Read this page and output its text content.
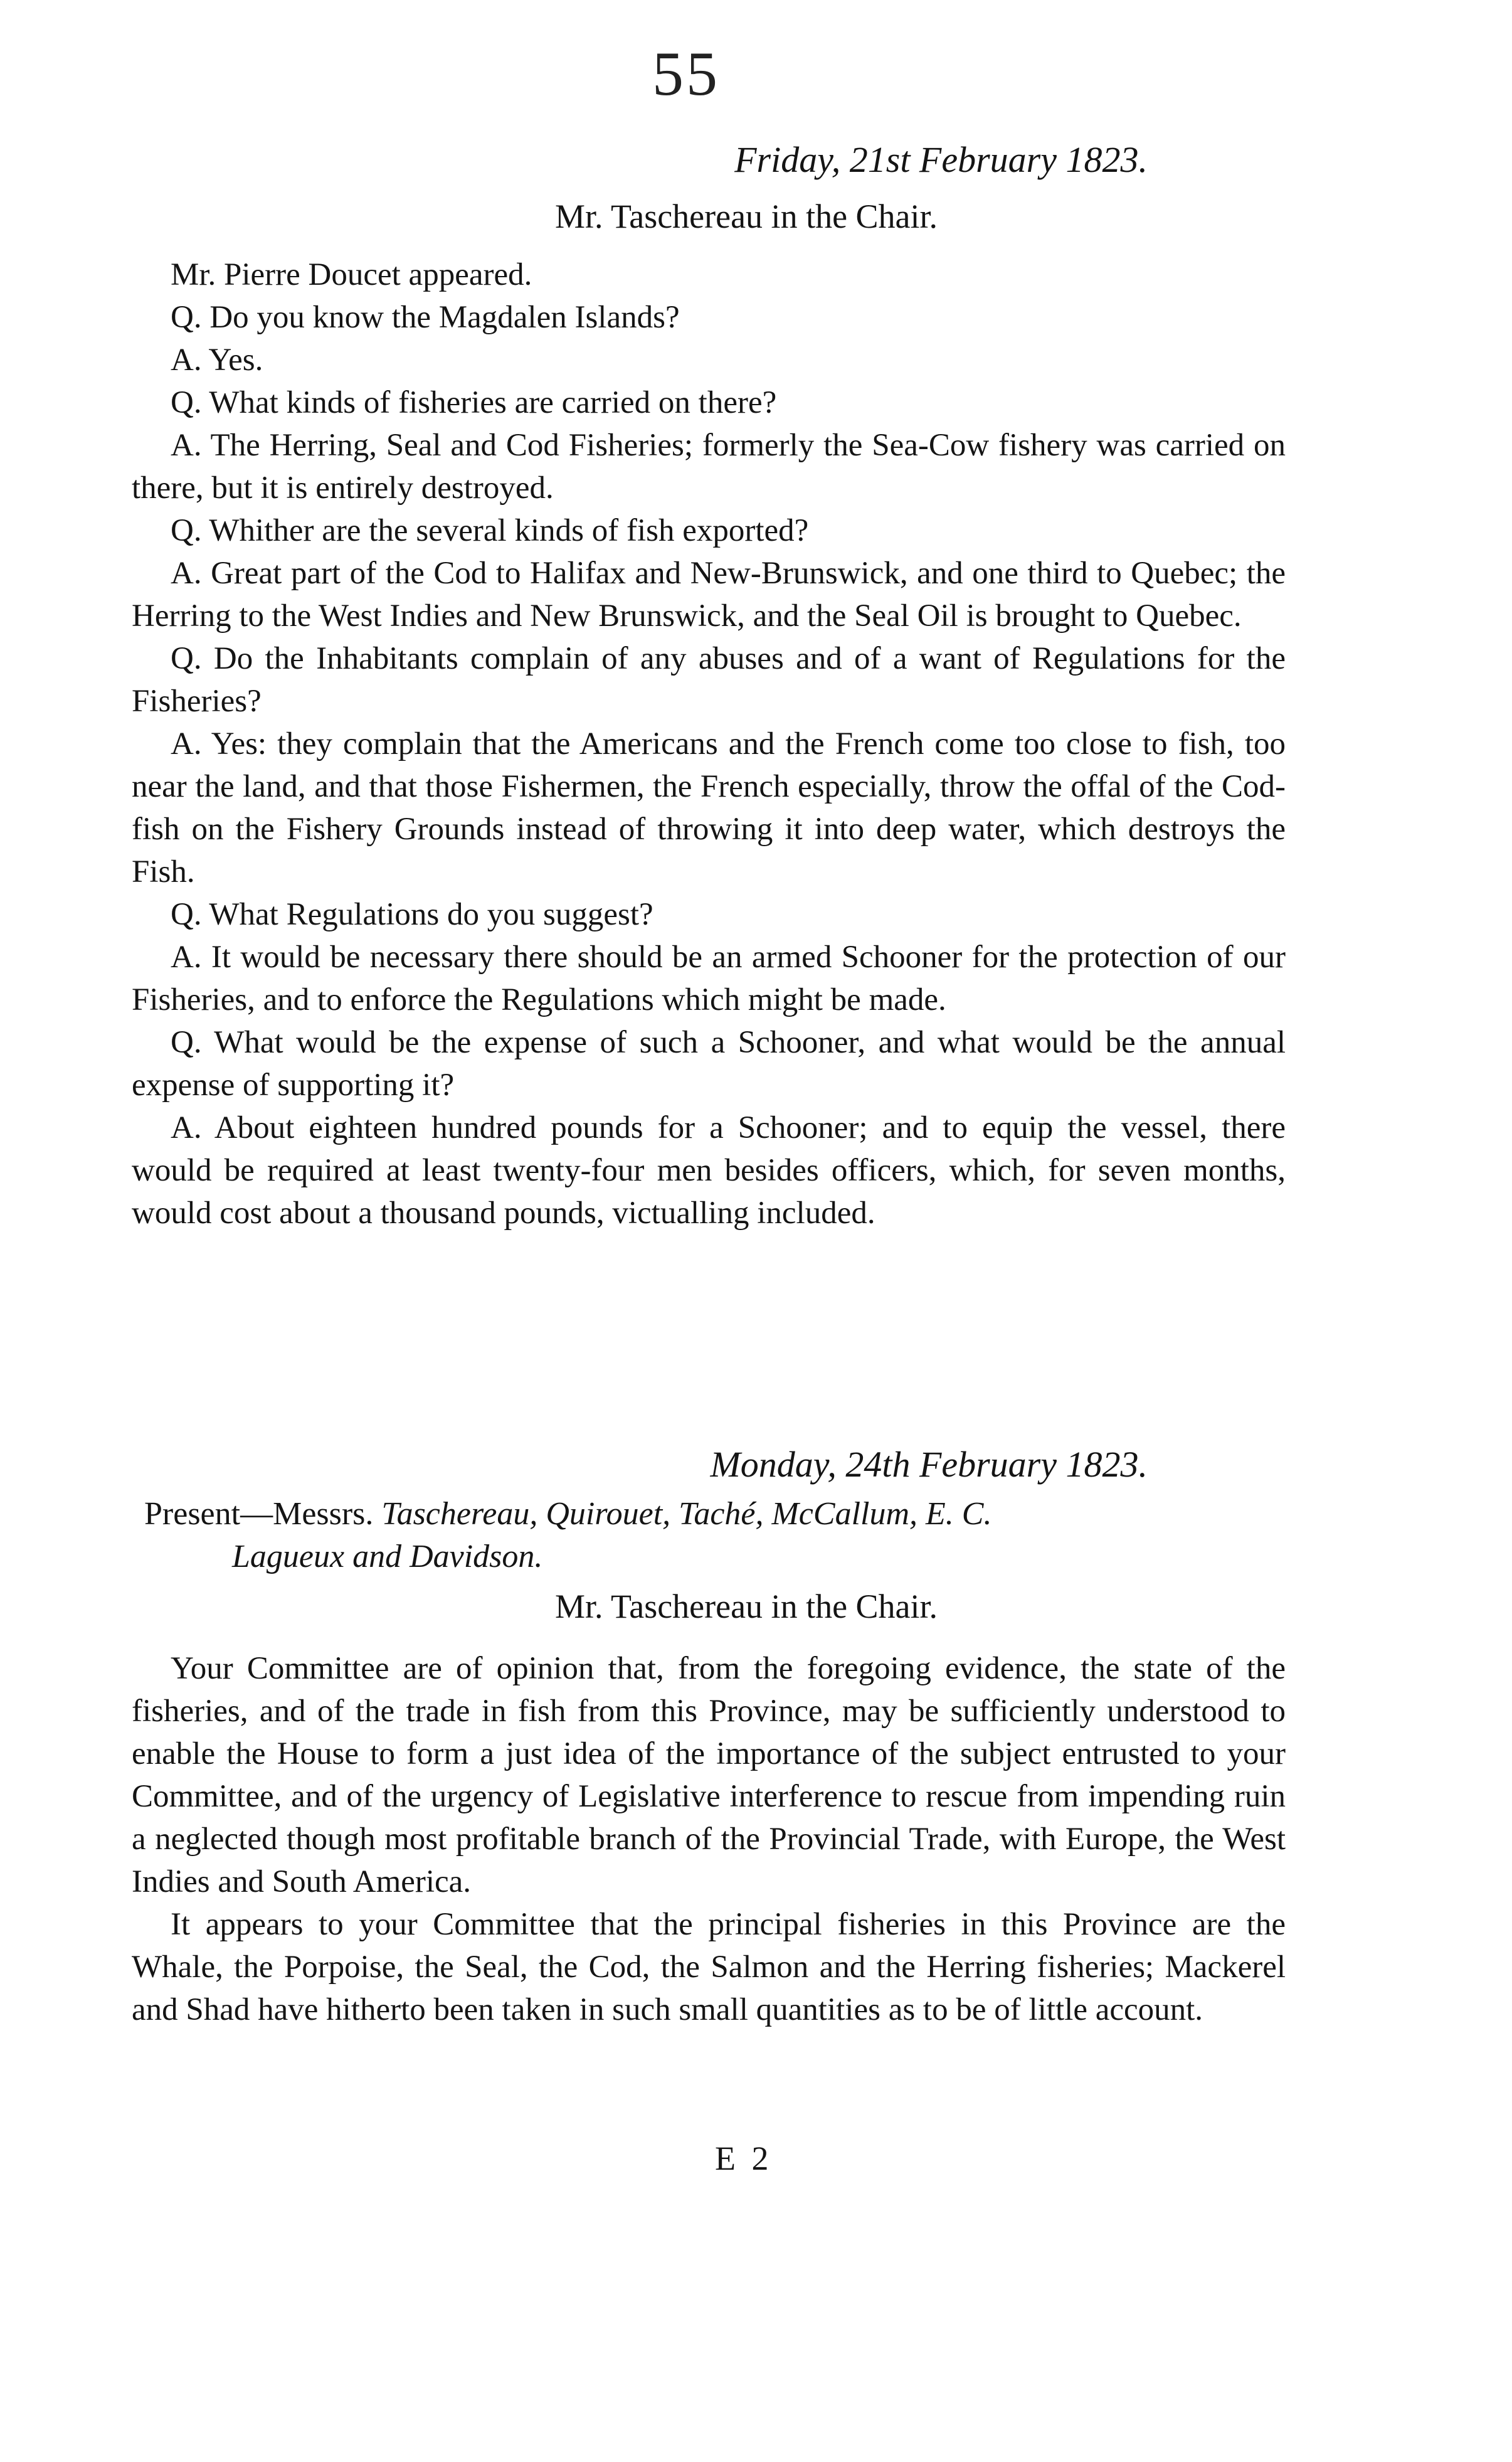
55
Friday, 21st February 1823.
Mr. Taschereau in the Chair.

Mr. Pierre Doucet appeared.

Q. Do you know the Magdalen Islands?

A. Yes.

Q. What kinds of fisheries are carried on there?

A. The Herring, Seal and Cod Fisheries; formerly the Sea-Cow fishery was carried on there, but it is entirely destroyed.

Q. Whither are the several kinds of fish exported?

A. Great part of the Cod to Halifax and New-Brunswick, and one third to Quebec; the Herring to the West Indies and New Brunswick, and the Seal Oil is brought to Quebec.

Q. Do the Inhabitants complain of any abuses and of a want of Regulations for the Fisheries?

A. Yes: they complain that the Americans and the French come too close to fish, too near the land, and that those Fishermen, the French especially, throw the offal of the Cod-fish on the Fishery Grounds instead of throwing it into deep water, which destroys the Fish.

Q. What Regulations do you suggest?

A. It would be necessary there should be an armed Schooner for the protection of our Fisheries, and to enforce the Regulations which might be made.

Q. What would be the expense of such a Schooner, and what would be the annual expense of supporting it?

A. About eighteen hundred pounds for a Schooner; and to equip the vessel, there would be required at least twenty-four men besides officers, which, for seven months, would cost about a thousand pounds, victualling included.

Monday, 24th February 1823.

Present—Messrs. Taschereau, Quirouet, Taché, McCallum, E. C.
Lagueux and Davidson.

Mr. Taschereau in the Chair.

Your Committee are of opinion that, from the foregoing evidence, the state of the fisheries, and of the trade in fish from this Province, may be sufficiently understood to enable the House to form a just idea of the importance of the subject entrusted to your Committee, and of the urgency of Legislative interference to rescue from impending ruin a neglected though most profitable branch of the Provincial Trade, with Europe, the West Indies and South America.

It appears to your Committee that the principal fisheries in this Province are the Whale, the Porpoise, the Seal, the Cod, the Salmon and the Herring fisheries; Mackerel and Shad have hitherto been taken in such small quantities as to be of little account.

E 2
